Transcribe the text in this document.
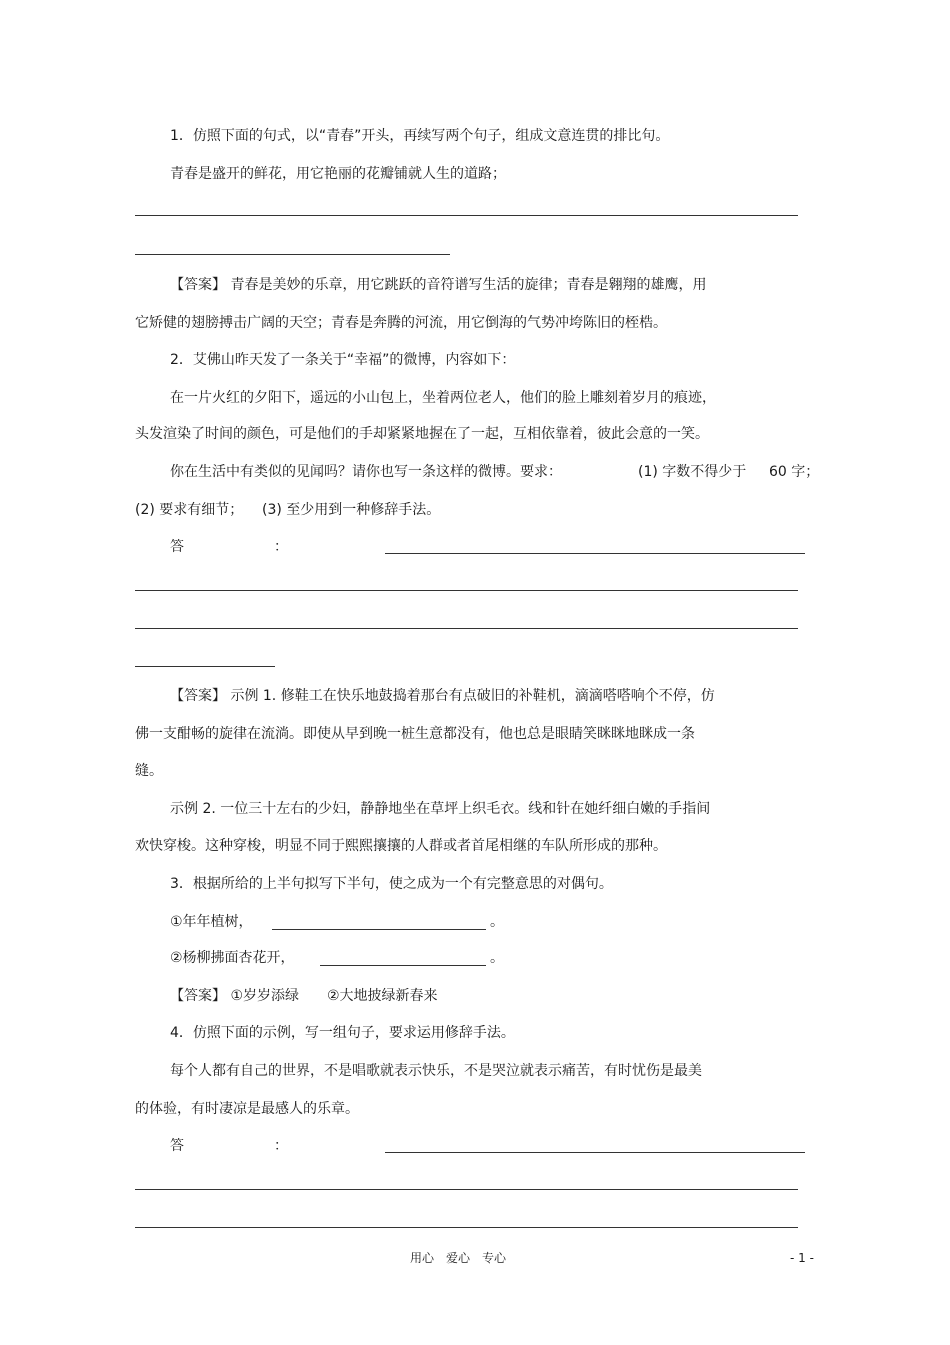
1．仿照下面的句式，以“青春”开头，再续写两个句子，组成文意连贯的排比句。
青春是盛开的鲜花，用它艳丽的花瓣铺就人生的道路；
【答案】 青春是美妙的乐章，用它跳跃的音符谱写生活的旋律；青春是翱翔的雄鹰，用
它矫健的翅膀搏击广阔的天空；青春是奔腾的河流，用它倒海的气势冲垮陈旧的桎梏。
2．艾佛山昨天发了一条关于“幸福”的微博，内容如下：
在一片火红的夕阳下，遥远的小山包上，坐着两位老人，他们的脸上雕刻着岁月的痕迹，
头发渲染了时间的颜色，可是他们的手却紧紧地握在了一起，互相依靠着，彼此会意的一笑。
你在生活中有类似的见闻吗？请你也写一条这样的微博。要求：	(1) 字数不得少于 60 字；
(2) 要求有细节； (3) 至少用到一种修辞手法。
答	：
【答案】 示例 1. 修鞋工在快乐地鼓捣着那台有点破旧的补鞋机，滴滴嗒嗒响个不停，仿
佛一支酣畅的旋律在流淌。即使从早到晚一桩生意都没有，他也总是眼睛笑眯眯地眯成一条
缝。
示例 2. 一位三十左右的少妇，静静地坐在草坪上织毛衣。线和针在她纤细白嫩的手指间
欢快穿梭。这种穿梭，明显不同于熙熙攘攘的人群或者首尾相继的车队所形成的那种。
3．根据所给的上半句拟写下半句，使之成为一个有完整意思的对偶句。
①年年植树，	。
②杨柳拂面杏花开，	。
【答案】 ①岁岁添绿　　②大地披绿新春来
4．仿照下面的示例，写一组句子，要求运用修辞手法。
每个人都有自己的世界，不是唱歌就表示快乐，不是哭泣就表示痛苦，有时忧伤是最美
的体验，有时凄凉是最感人的乐章。
答	：
用心　爱心　专心	- 1 -
